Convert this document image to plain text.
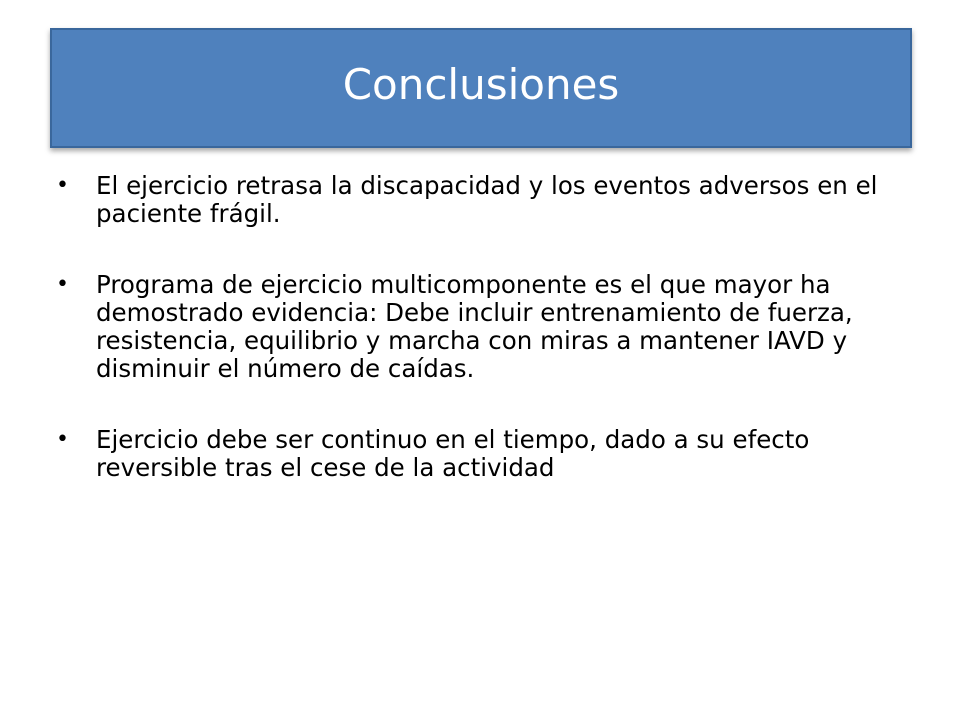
Conclusiones
• El ejercicio retrasa la discapacidad y los eventos adversos en el paciente frágil.
• Programa de ejercicio multicomponente es el que mayor ha demostrado evidencia: Debe incluir entrenamiento de fuerza, resistencia, equilibrio y marcha con miras a mantener IAVD y disminuir el número de caídas.
• Ejercicio debe ser continuo en el tiempo, dado a su efecto reversible tras el cese de la actividad
